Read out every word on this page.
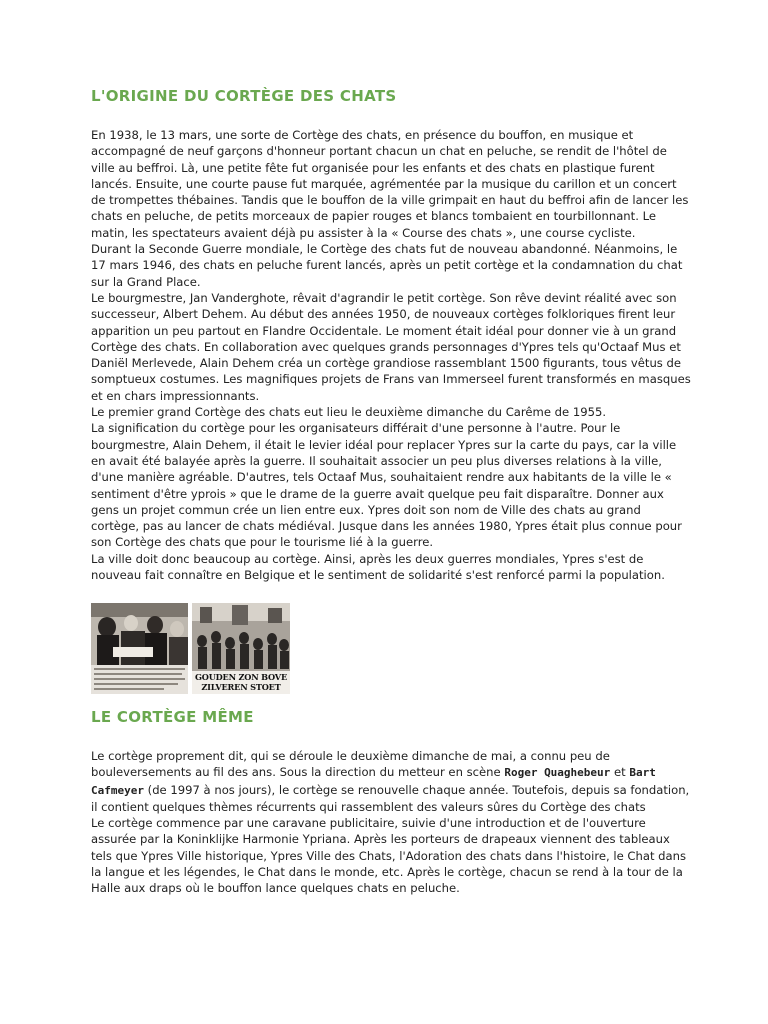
L'ORIGINE DU CORTÈGE DES CHATS

En 1938, le 13 mars, une sorte de Cortège des chats, en présence du bouffon, en musique et accompagné de neuf garçons d'honneur portant chacun un chat en peluche, se rendit de l'hôtel de ville au beffroi. Là, une petite fête fut organisée pour les enfants et des chats en plastique furent lancés. Ensuite, une courte pause fut marquée, agrémentée par la musique du carillon et un concert de trompettes thébaines. Tandis que le bouffon de la ville grimpait en haut du beffroi afin de lancer les chats en peluche, de petits morceaux de papier rouges et blancs tombaient en tourbillonnant. Le matin, les spectateurs avaient déjà pu assister à la « Course des chats », une course cycliste.

Durant la Seconde Guerre mondiale, le Cortège des chats fut de nouveau abandonné. Néanmoins, le 17 mars 1946, des chats en peluche furent lancés, après un petit cortège et la condamnation du chat sur la Grand Place.

Le bourgmestre, Jan Vanderghote, rêvait d'agrandir le petit cortège. Son rêve devint réalité avec son successeur, Albert Dehem. Au début des années 1950, de nouveaux cortèges folkloriques firent leur apparition un peu partout en Flandre Occidentale. Le moment était idéal pour donner vie à un grand Cortège des chats. En collaboration avec quelques grands personnages d'Ypres tels qu'Octaaf Mus et Daniël Merlevede, Alain Dehem créa un cortège grandiose rassemblant 1500 figurants, tous vêtus de somptueux costumes. Les magnifiques projets de Frans van Immerseel furent transformés en masques et en chars impressionnants.

Le premier grand Cortège des chats eut lieu le deuxième dimanche du Carême de 1955.

La signification du cortège pour les organisateurs différait d'une personne à l'autre. Pour le bourgmestre, Alain Dehem, il était le levier idéal pour replacer Ypres sur la carte du pays, car la ville en avait été balayée après la guerre. Il souhaitait associer un peu plus diverses relations à la ville, d'une manière agréable. D'autres, tels Octaaf Mus, souhaitaient rendre aux habitants de la ville le « sentiment d'être yprois » que le drame de la guerre avait quelque peu fait disparaître. Donner aux gens un projet commun crée un lien entre eux. Ypres doit son nom de Ville des chats au grand cortège, pas au lancer de chats médiéval. Jusque dans les années 1980, Ypres était plus connue pour son Cortège des chats que pour le tourisme lié à la guerre.

La ville doit donc beaucoup au cortège. Ainsi, après les deux guerres mondiales, Ypres s'est de nouveau fait connaître en Belgique et le sentiment de solidarité s'est renforcé parmi la population.

GOUDEN ZON BOVE
ZILVEREN STOET
LE CORTÈGE MÊME

Le cortège proprement dit, qui se déroule le deuxième dimanche de mai, a connu peu de bouleversements au fil des ans. Sous la direction du metteur en scène Roger Quaghebeur et Bart Cafmeyer (de 1997 à nos jours), le cortège se renouvelle chaque année. Toutefois, depuis sa fondation, il contient quelques thèmes récurrents qui rassemblent des valeurs sûres du Cortège des chats

Le cortège commence par une caravane publicitaire, suivie d'une introduction et de l'ouverture assurée par la Koninklijke Harmonie Ypriana. Après les porteurs de drapeaux viennent des tableaux tels que Ypres Ville historique, Ypres Ville des Chats, l'Adoration des chats dans l'histoire, le Chat dans la langue et les légendes, le Chat dans le monde, etc. Après le cortège, chacun se rend à la tour de la Halle aux draps où le bouffon lance quelques chats en peluche.
